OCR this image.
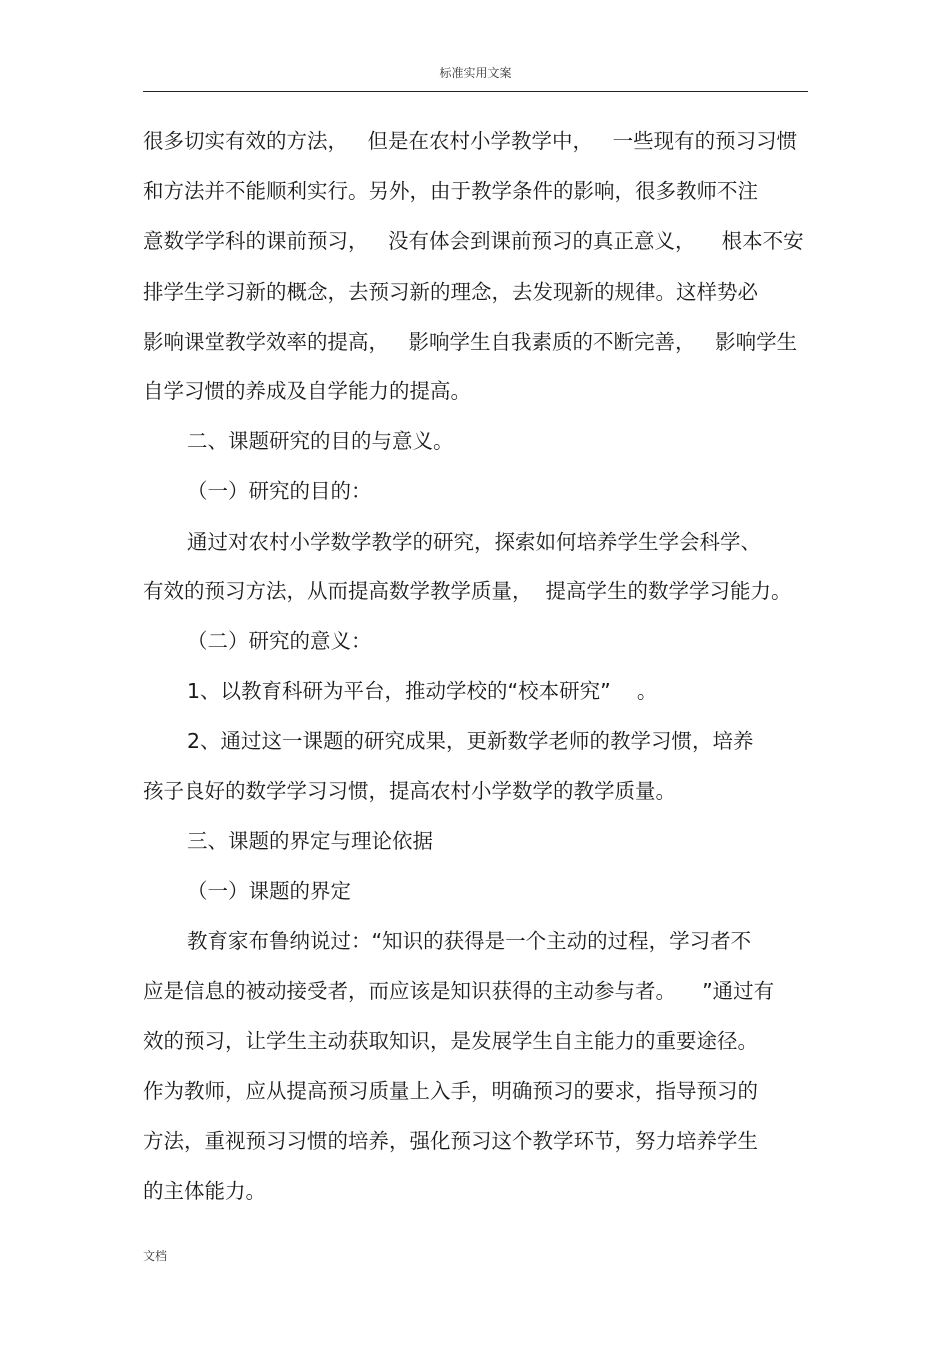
标准实用文案
很多切实有效的方法，   但是在农村小学教学中，   一些现有的预习习惯
和方法并不能顺利实行。另外，由于教学条件的影响，很多教师不注
意数学学科的课前预习，   没有体会到课前预习的真正意义，    根本不安
排学生学习新的概念，去预习新的理念，去发现新的规律。这样势必
影响课堂教学效率的提高，   影响学生自我素质的不断完善，   影响学生
自学习惯的养成及自学能力的提高。
二、课题研究的目的与意义。
（一）研究的目的：
通过对农村小学数学教学的研究，探索如何培养学生学会科学、
有效的预习方法，从而提高数学教学质量，  提高学生的数学学习能力。
（二）研究的意义：
1、以教育科研为平台，推动学校的“校本研究”    。
2、通过这一课题的研究成果，更新数学老师的教学习惯，培养
孩子良好的数学学习习惯，提高农村小学数学的教学质量。
三、课题的界定与理论依据
（一）课题的界定
教育家布鲁纳说过：“知识的获得是一个主动的过程，学习者不
应是信息的被动接受者，而应该是知识获得的主动参与者。    ”通过有
效的预习，让学生主动获取知识，是发展学生自主能力的重要途径。
作为教师，应从提高预习质量上入手，明确预习的要求，指导预习的
方法，重视预习习惯的培养，强化预习这个教学环节，努力培养学生
的主体能力。
文档
